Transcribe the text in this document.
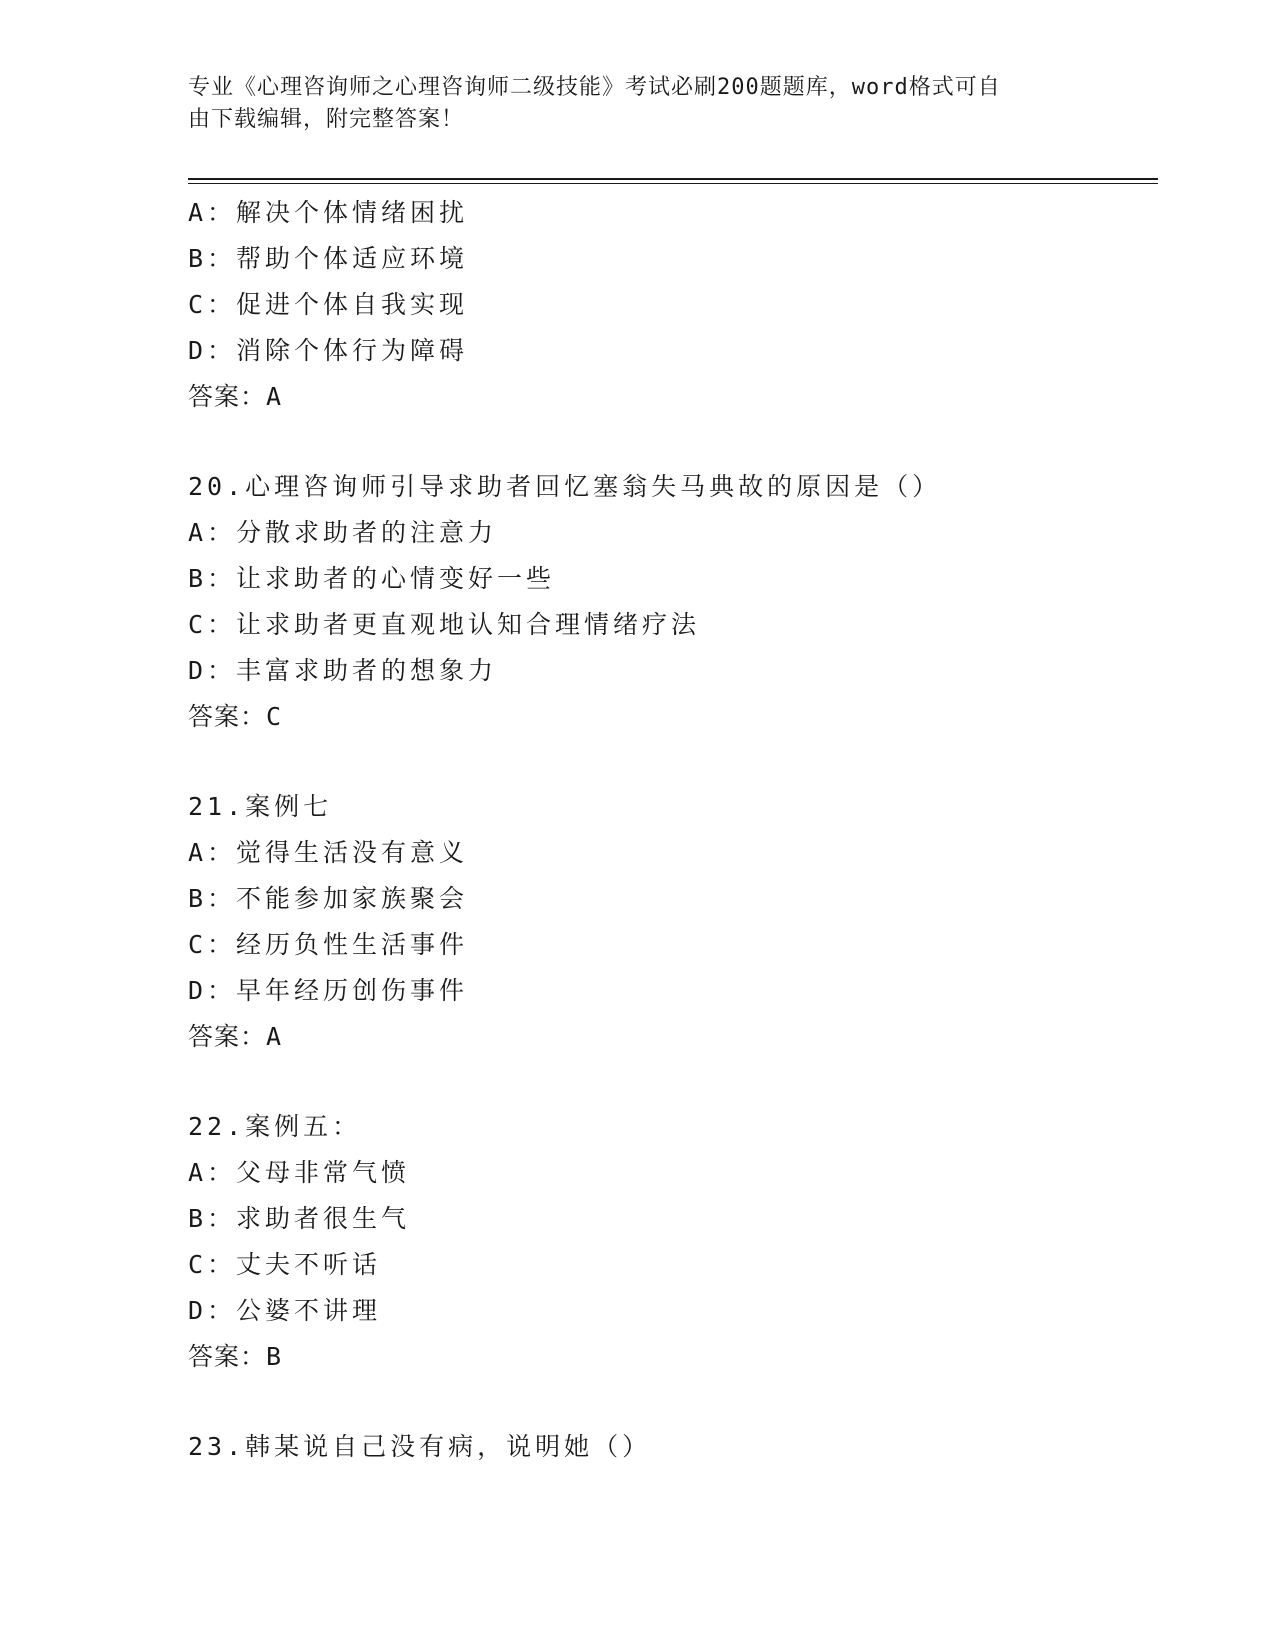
专业《心理咨询师之心理咨询师二级技能》考试必刷200题题库，word格式可自
由下载编辑，附完整答案！
A：解决个体情绪困扰
B：帮助个体适应环境
C：促进个体自我实现
D：消除个体行为障碍
答案：A
20.心理咨询师引导求助者回忆塞翁失马典故的原因是（）
A：分散求助者的注意力
B：让求助者的心情变好一些
C：让求助者更直观地认知合理情绪疗法
D：丰富求助者的想象力
答案：C
21.案例七
A：觉得生活没有意义
B：不能参加家族聚会
C：经历负性生活事件
D：早年经历创伤事件
答案：A
22.案例五：
A：父母非常气愤
B：求助者很生气
C：丈夫不听话
D：公婆不讲理
答案：B
23.韩某说自己没有病，说明她（）
